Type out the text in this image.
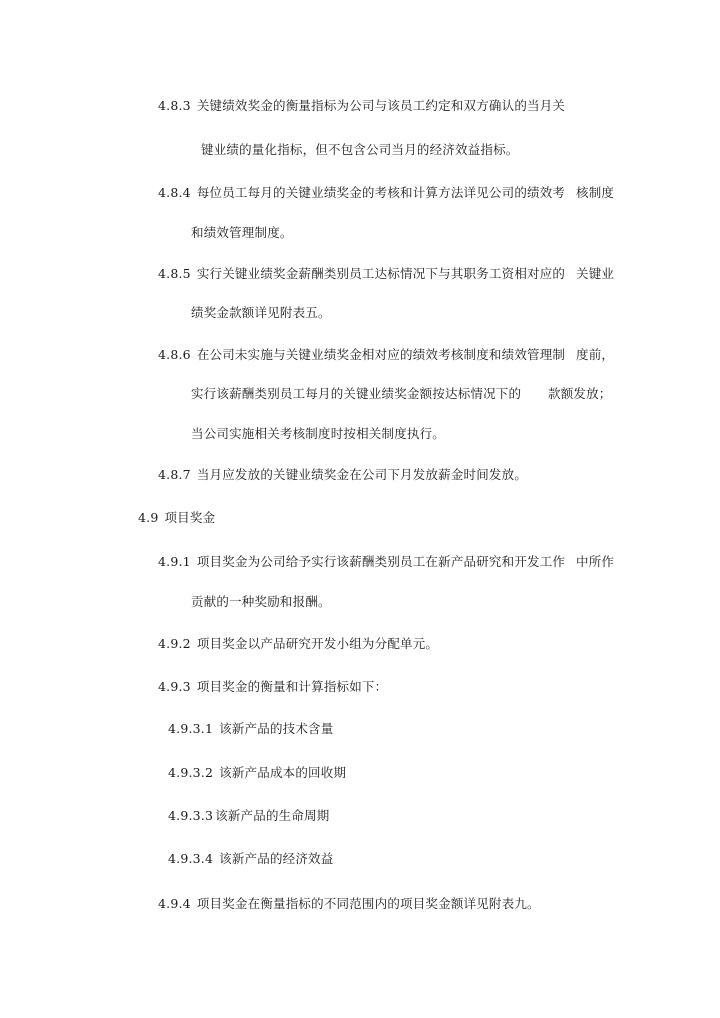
4.8.3 关键绩效奖金的衡量指标为公司与该员工约定和双方确认的当月关
键业绩的量化指标，但不包含公司当月的经济效益指标。
4.8.4 每位员工每月的关键业绩奖金的考核和计算方法详见公司的绩效考 核制度
和绩效管理制度。
4.8.5 实行关键业绩奖金薪酬类别员工达标情况下与其职务工资相对应的 关键业
绩奖金款额详见附表五。
4.8.6 在公司未实施与关键业绩奖金相对应的绩效考核制度和绩效管理制 度前，
实行该薪酬类别员工每月的关键业绩奖金额按达标情况下的 款额发放；
当公司实施相关考核制度时按相关制度执行。
4.8.7 当月应发放的关键业绩奖金在公司下月发放薪金时间发放。
4.9 项目奖金
4.9.1 项目奖金为公司给予实行该薪酬类别员工在新产品研究和开发工作 中所作
贡献的一种奖励和报酬。
4.9.2 项目奖金以产品研究开发小组为分配单元。
4.9.3 项目奖金的衡量和计算指标如下：
4.9.3.1 该新产品的技术含量
4.9.3.2 该新产品成本的回收期
4.9.3.3 该新产品的生命周期
4.9.3.4 该新产品的经济效益
4.9.4 项目奖金在衡量指标的不同范围内的项目奖金额详见附表九。
